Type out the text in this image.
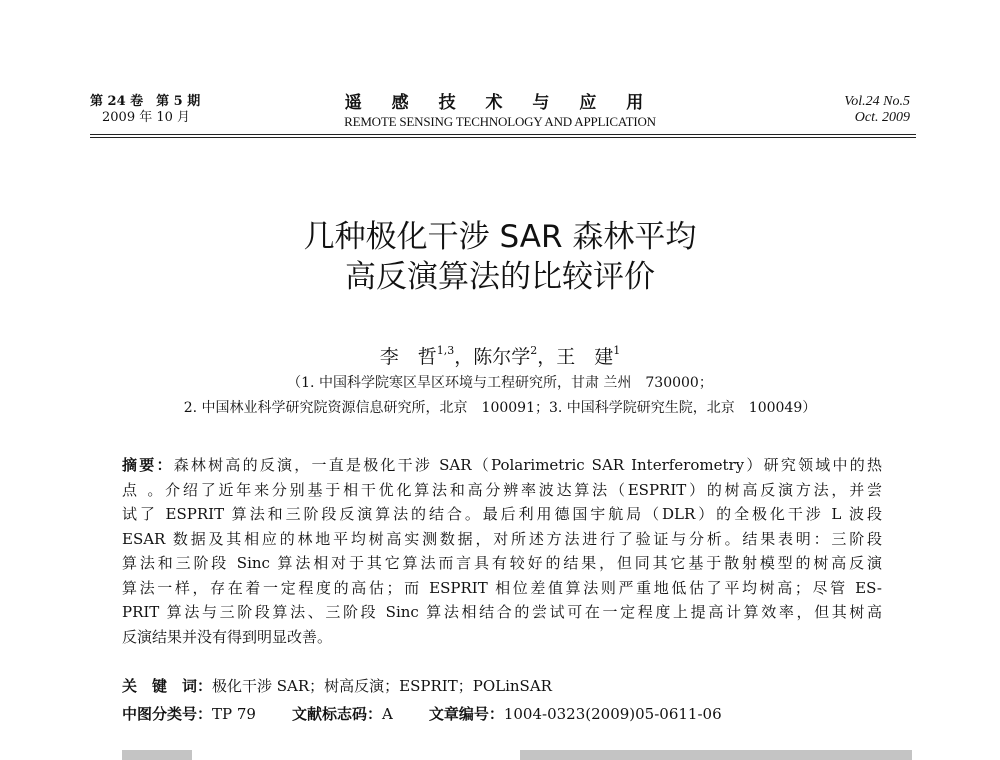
第 24 卷　第 5 期
2009 年 10 月
遥 感 技 术 与 应 用
REMOTE SENSING TECHNOLOGY AND APPLICATION
Vol.24 No.5
Oct. 2009
几种极化干涉 SAR 森林平均
高反演算法的比较评价
李　哲$^{1,3}$，陈尔学$^2$，王　建$^1$
（1. 中国科学院寒区旱区环境与工程研究所，甘肃 兰州　730000；
2. 中国林业科学研究院资源信息研究所，北京　100091；3. 中国科学院研究生院，北京　100049）
摘要：森林树高的反演，一直是极化干涉 SAR（Polarimetric SAR Interferometry）研究领域中的热
点 。介绍了近年来分别基于相干优化算法和高分辨率波达算法（ESPRIT）的树高反演方法，并尝
试了 ESPRIT 算法和三阶段反演算法的结合。最后利用德国宇航局（DLR）的全极化干涉 L 波段
ESAR 数据及其相应的林地平均树高实测数据，对所述方法进行了验证与分析。结果表明：三阶段
算法和三阶段 Sinc 算法相对于其它算法而言具有较好的结果，但同其它基于散射模型的树高反演
算法一样，存在着一定程度的高估；而 ESPRIT 相位差值算法则严重地低估了平均树高；尽管 ES-
PRIT 算法与三阶段算法、三阶段 Sinc 算法相结合的尝试可在一定程度上提高计算效率，但其树高
反演结果并没有得到明显改善。
关　键　词：极化干涉 SAR；树高反演；ESPRIT；POLinSAR
中图分类号：TP 79 文献标志码：A 文章编号：1004-0323(2009)05-0611-06
